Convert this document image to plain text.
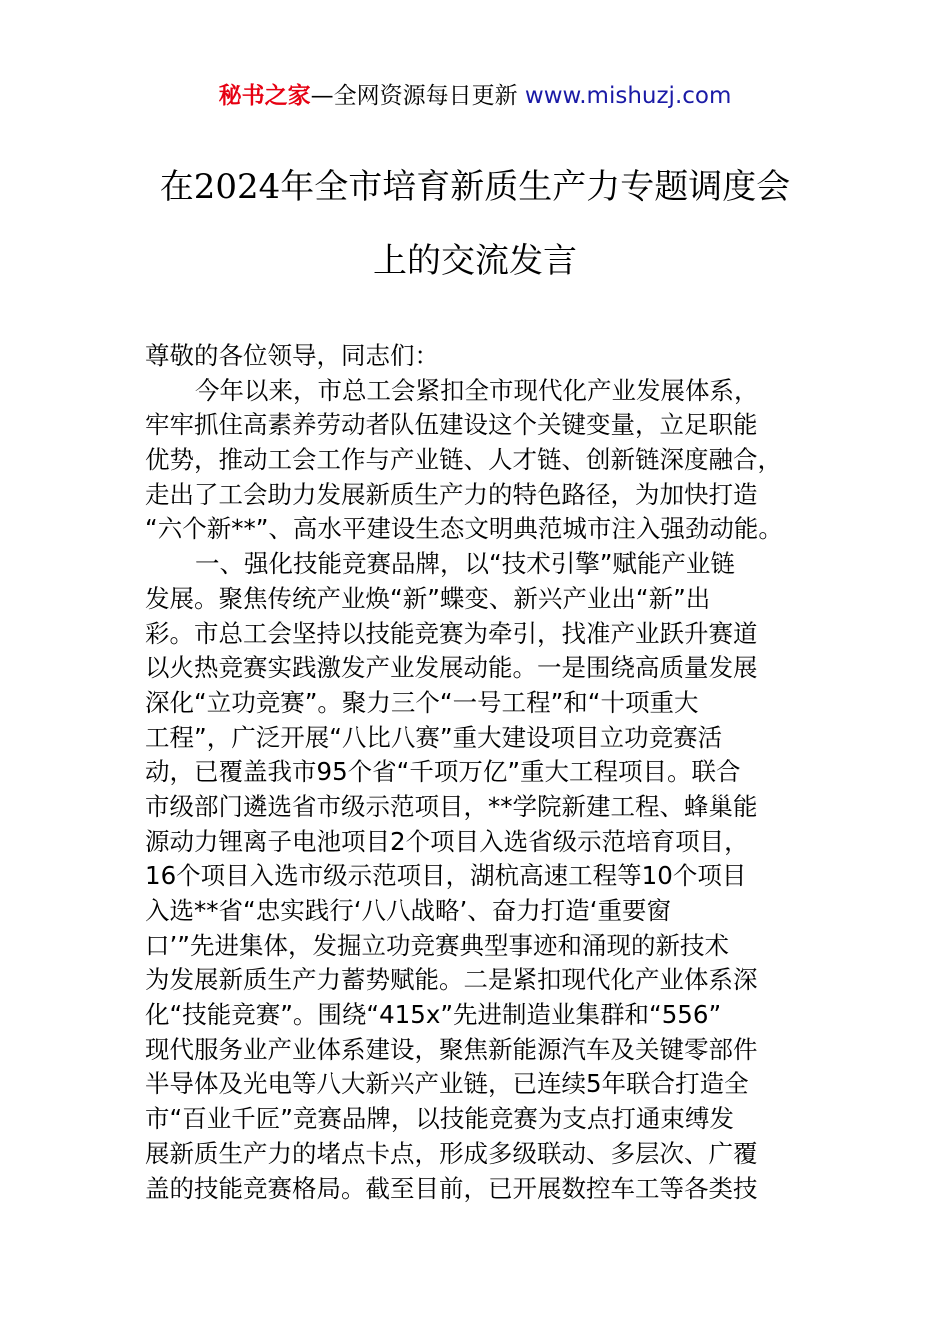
秘书之家—全网资源每日更新 www.mishuzj.com
在2024年全市培育新质生产力专题调度会
上的交流发言
尊敬的各位领导，同志们：
今年以来，市总工会紧扣全市现代化产业发展体系，
牢牢抓住高素养劳动者队伍建设这个关键变量，立足职能
优势，推动工会工作与产业链、人才链、创新链深度融合，
走出了工会助力发展新质生产力的特色路径，为加快打造
“六个新**”、高水平建设生态文明典范城市注入强劲动能。
一、强化技能竞赛品牌，以“技术引擎”赋能产业链
发展。聚焦传统产业焕“新”蝶变、新兴产业出“新”出
彩。市总工会坚持以技能竞赛为牵引，找准产业跃升赛道
以火热竞赛实践激发产业发展动能。一是围绕高质量发展
深化“立功竞赛”。聚力三个“一号工程”和“十项重大
工程”，广泛开展“八比八赛”重大建设项目立功竞赛活
动，已覆盖我市95个省“千项万亿”重大工程项目。联合
市级部门遴选省市级示范项目，**学院新建工程、蜂巢能
源动力锂离子电池项目2个项目入选省级示范培育项目，
16个项目入选市级示范项目，湖杭高速工程等10个项目
入选**省“忠实践行‘八八战略’、奋力打造‘重要窗
口’”先进集体，发掘立功竞赛典型事迹和涌现的新技术
为发展新质生产力蓄势赋能。二是紧扣现代化产业体系深
化“技能竞赛”。围绕“415x”先进制造业集群和“556”
现代服务业产业体系建设，聚焦新能源汽车及关键零部件
半导体及光电等八大新兴产业链，已连续5年联合打造全
市“百业千匠”竞赛品牌，以技能竞赛为支点打通束缚发
展新质生产力的堵点卡点，形成多级联动、多层次、广覆
盖的技能竞赛格局。截至目前，已开展数控车工等各类技
